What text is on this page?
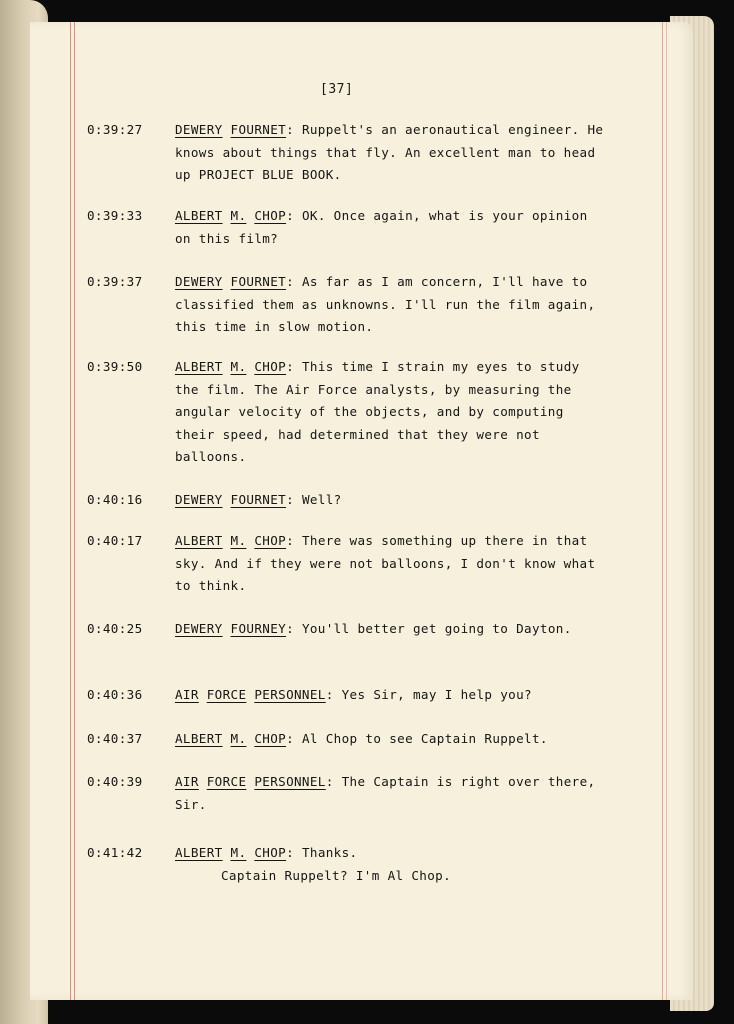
[37]
0:39:27	DEWERY FOURNET: Ruppelt's an aeronautical engineer. He knows about things that fly. An excellent man to head up PROJECT BLUE BOOK.
0:39:33	ALBERT M. CHOP: OK. Once again, what is your opinion on this film?
0:39:37	DEWERY FOURNET: As far as I am concern, I'll have to classified them as unknowns. I'll run the film again, this time in slow motion.
0:39:50	ALBERT M. CHOP: This time I strain my eyes to study the film. The Air Force analysts, by measuring the angular velocity of the objects, and by computing their speed, had determined that they were not balloons.
0:40:16	DEWERY FOURNET: Well?
0:40:17	ALBERT M. CHOP: There was something up there in that sky. And if they were not balloons, I don't know what to think.
0:40:25	DEWERY FOURNEY: You'll better get going to Dayton.
0:40:36	AIR FORCE PERSONNEL: Yes Sir, may I help you?
0:40:37	ALBERT M. CHOP: Al Chop to see Captain Ruppelt.
0:40:39	AIR FORCE PERSONNEL: The Captain is right over there, Sir.
0:41:42	ALBERT M. CHOP: Thanks.
Captain Ruppelt? I'm Al Chop.
